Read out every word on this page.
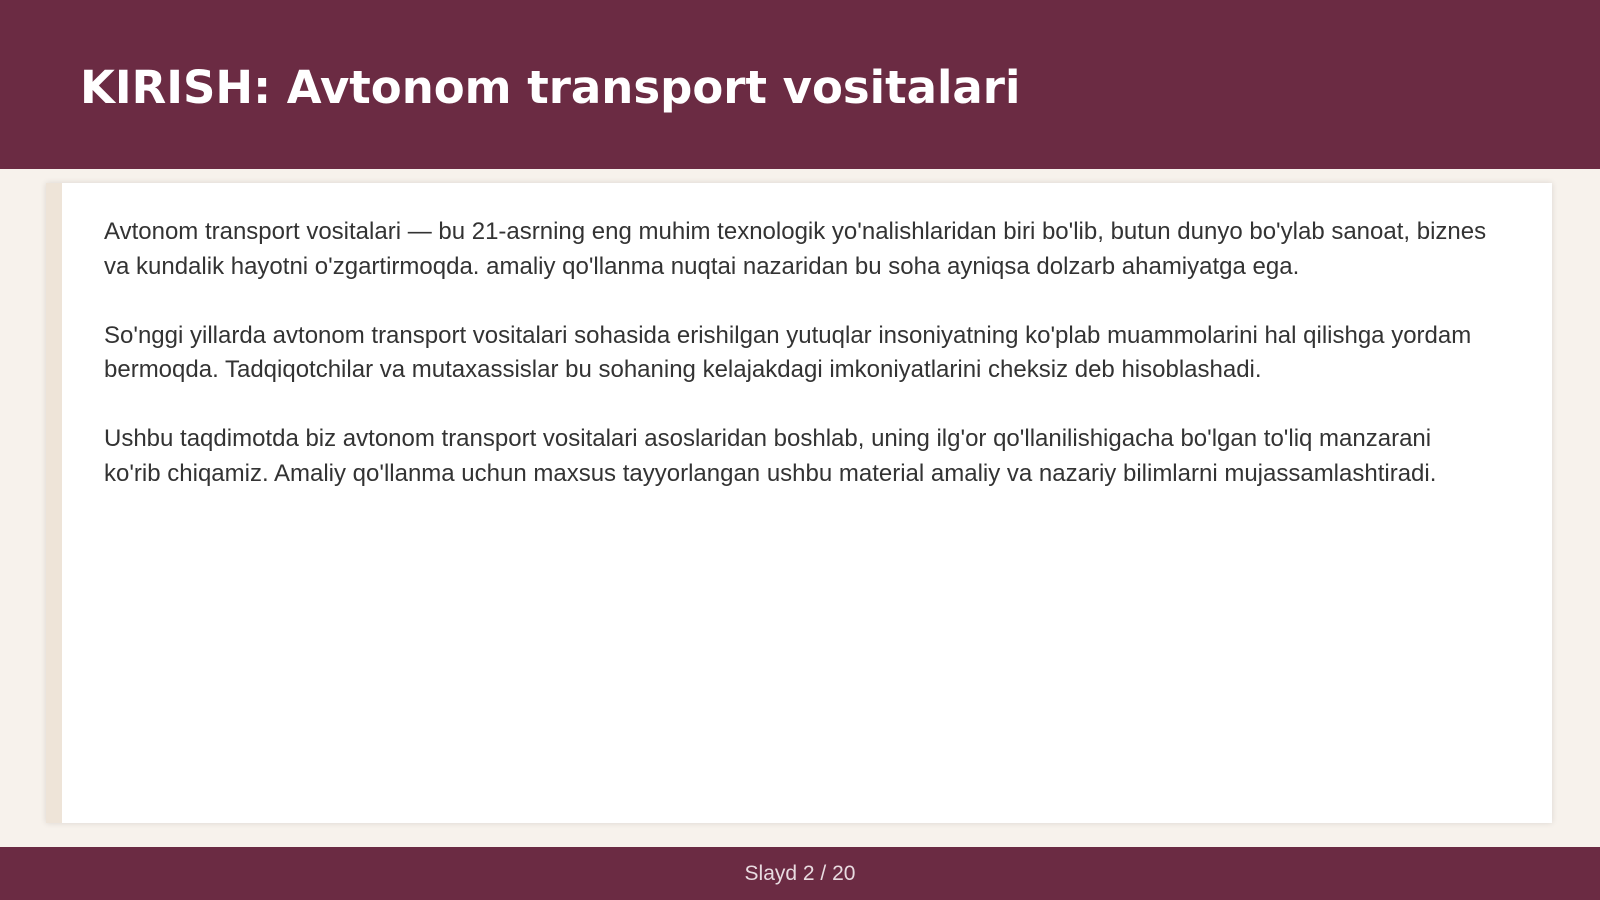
KIRISH: Avtonom transport vositalari

Avtonom transport vositalari — bu 21-asrning eng muhim texnologik yo'nalishlaridan biri bo'lib, butun dunyo bo'ylab sanoat, biznes va kundalik hayotni o'zgartirmoqda. amaliy qo'llanma nuqtai nazaridan bu soha ayniqsa dolzarb ahamiyatga ega.

So'nggi yillarda avtonom transport vositalari sohasida erishilgan yutuqlar insoniyatning ko'plab muammolarini hal qilishga yordam bermoqda. Tadqiqotchilar va mutaxassislar bu sohaning kelajakdagi imkoniyatlarini cheksiz deb hisoblashadi.

Ushbu taqdimotda biz avtonom transport vositalari asoslaridan boshlab, uning ilg'or qo'llanilishigacha bo'lgan to'liq manzarani ko'rib chiqamiz. Amaliy qo'llanma uchun maxsus tayyorlangan ushbu material amaliy va nazariy bilimlarni mujassamlashtiradi.

Slayd 2 / 20
